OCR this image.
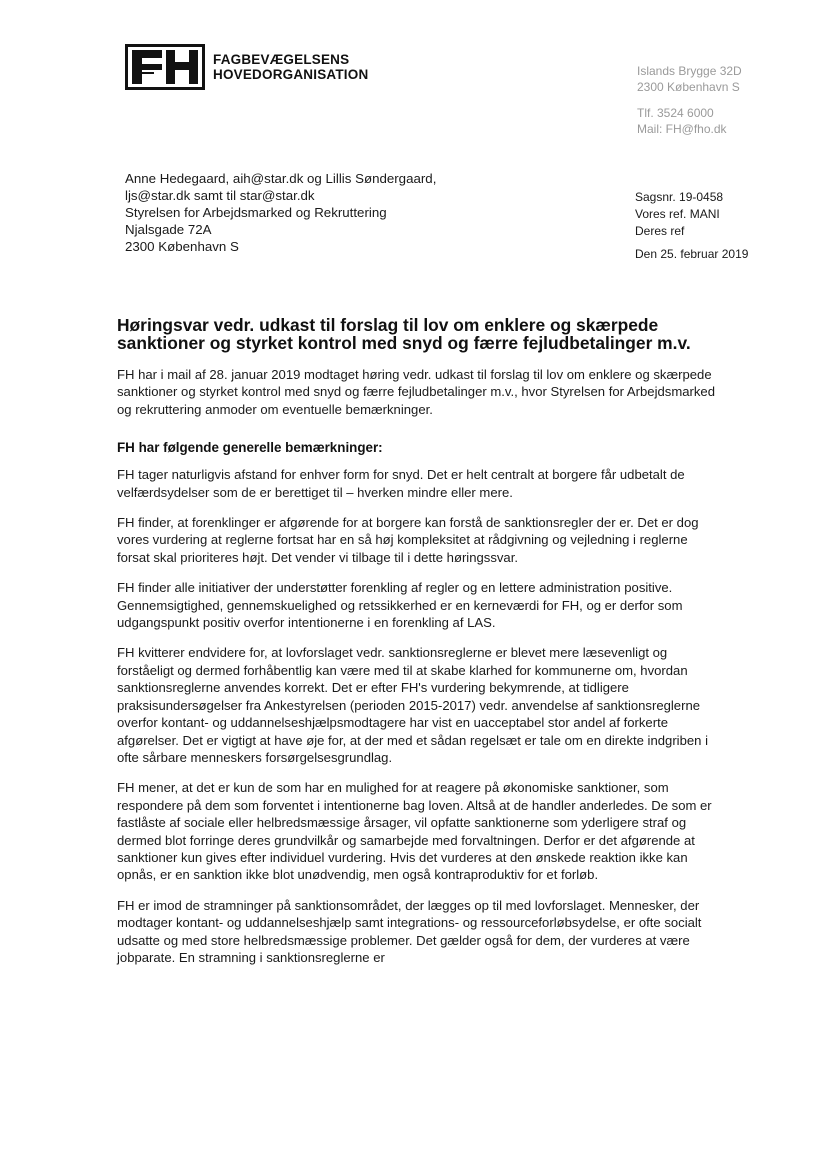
FAGBEVÆGELSENS
HOVEDORGANISATION	Islands Brygge 32D
2300 København S
Tlf. 3524 6000
Mail: FH@fho.dk
Anne Hedegaard, aih@star.dk og Lillis Søndergaard,
ljs@star.dk samt til star@star.dk
Styrelsen for Arbejdsmarked og Rekruttering
Njalsgade 72A
2300 København S
Sagsnr. 19-0458
Vores ref. MANI
Deres ref
Den 25. februar 2019
Høringsvar vedr. udkast til forslag til lov om enklere og skærpede sanktioner og styrket kontrol med snyd og færre fejludbetalinger m.v.

FH har i mail af 28. januar 2019 modtaget høring vedr. udkast til forslag til lov om enklere og skærpede sanktioner og styrket kontrol med snyd og færre fejludbetalinger m.v., hvor Styrelsen for Arbejdsmarked og rekruttering anmoder om eventuelle bemærkninger.

FH har følgende generelle bemærkninger:

FH tager naturligvis afstand for enhver form for snyd. Det er helt centralt at borgere får udbetalt de velfærdsydelser som de er berettiget til – hverken mindre eller mere.

FH finder, at forenklinger er afgørende for at borgere kan forstå de sanktionsregler der er. Det er dog vores vurdering at reglerne fortsat har en så høj kompleksitet at rådgivning og vejledning i reglerne forsat skal prioriteres højt. Det vender vi tilbage til i dette høringssvar.

FH finder alle initiativer der understøtter forenkling af regler og en lettere administration positive. Gennemsigtighed, gennemskuelighed og retssikkerhed er en kerneværdi for FH, og er derfor som udgangspunkt positiv overfor intentionerne i en forenkling af LAS.

FH kvitterer endvidere for, at lovforslaget vedr. sanktionsreglerne er blevet mere læsevenligt og forståeligt og dermed forhåbentlig kan være med til at skabe klarhed for kommunerne om, hvordan sanktionsreglerne anvendes korrekt. Det er efter FH's vurdering bekymrende, at tidligere praksisundersøgelser fra Ankestyrelsen (perioden 2015-2017) vedr. anvendelse af sanktionsreglerne overfor kontant- og uddannelseshjælpsmodtagere har vist en uacceptabel stor andel af forkerte afgørelser. Det er vigtigt at have øje for, at der med et sådan regelsæt er tale om en direkte indgriben i ofte sårbare menneskers forsørgelsesgrundlag.

FH mener, at det er kun de som har en mulighed for at reagere på økonomiske sanktioner, som respondere på dem som forventet i intentionerne bag loven. Altså at de handler anderledes. De som er fastlåste af sociale eller helbredsmæssige årsager, vil opfatte sanktionerne som yderligere straf og dermed blot forringe deres grundvilkår og samarbejde med forvaltningen. Derfor er det afgørende at sanktioner kun gives efter individuel vurdering. Hvis det vurderes at den ønskede reaktion ikke kan opnås, er en sanktion ikke blot unødvendig, men også kontraproduktiv for et forløb.

FH er imod de stramninger på sanktionsområdet, der lægges op til med lovforslaget. Mennesker, der modtager kontant- og uddannelseshjælp samt integrations- og ressourceforløbsydelse, er ofte socialt udsatte og med store helbredsmæssige problemer. Det gælder også for dem, der vurderes at være jobparate. En stramning i sanktionsreglerne er
